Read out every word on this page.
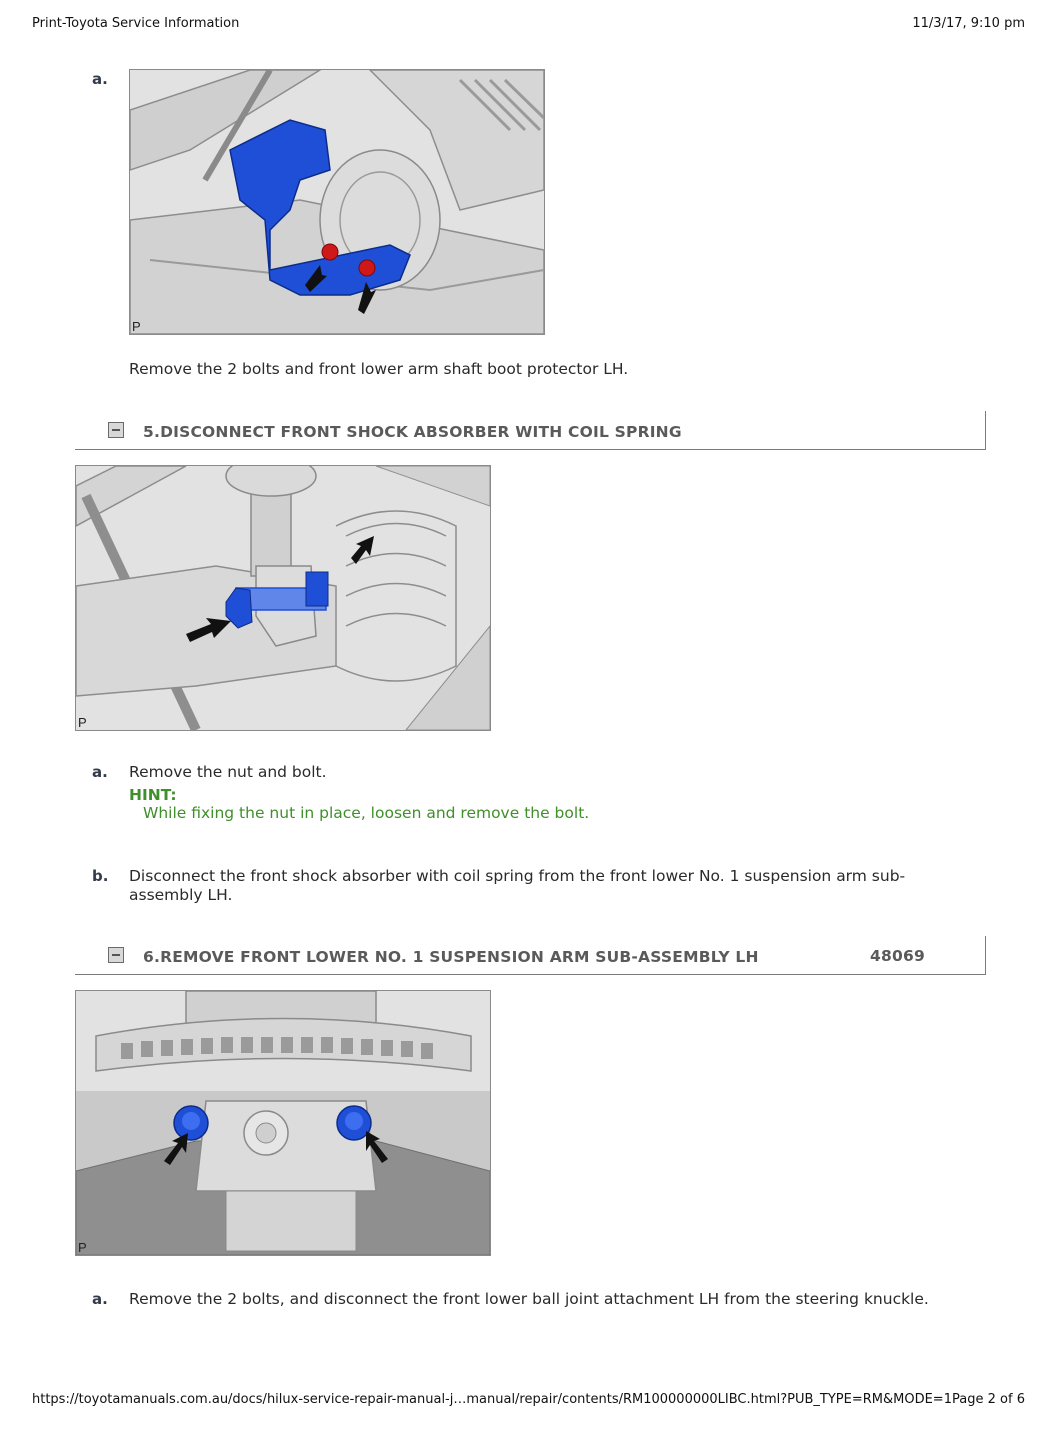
Print-Toyota Service Information	11/3/17, 9:10 pm
a.
P
Remove the 2 bolts and front lower arm shaft boot protector LH.
5.DISCONNECT FRONT SHOCK ABSORBER WITH COIL SPRING
P
a. Remove the nut and bolt.
HINT:
While fixing the nut in place, loosen and remove the bolt.
b. Disconnect the front shock absorber with coil spring from the front lower No. 1 suspension arm sub-assembly LH.
6.REMOVE FRONT LOWER NO. 1 SUSPENSION ARM SUB-ASSEMBLY LH	48069
P
a. Remove the 2 bolts, and disconnect the front lower ball joint attachment LH from the steering knuckle.
https://toyotamanuals.com.au/docs/hilux-service-repair-manual-j…manual/repair/contents/RM100000000LIBC.html?PUB_TYPE=RM&MODE=1 Page 2 of 6
